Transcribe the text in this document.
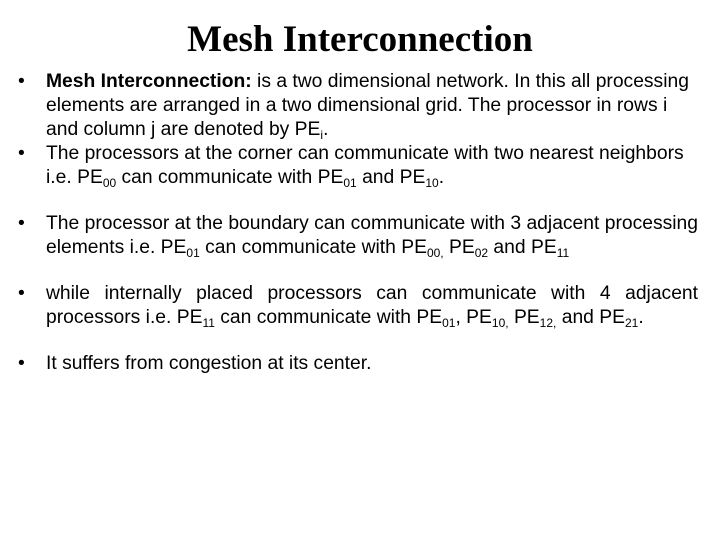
Mesh Interconnection
•	Mesh Interconnection: is a two dimensional network. In this all processing elements are arranged in a two dimensional grid. The processor in rows i and column j are denoted by $PE_i$.
•	The processors at the corner can communicate with two nearest neighbors i.e. $PE_{00}$ can communicate with $PE_{01}$ and $PE_{10}$.
•	The processor at the boundary can communicate with 3 adjacent processing elements i.e. $PE_{01}$ can communicate with $PE_{00,}$ $PE_{02}$ and $PE_{11}$
•	while internally placed processors can communicate with 4 adjacent processors i.e. $PE_{11}$ can communicate with $PE_{01}$, $PE_{10,}$ $PE_{12,}$ and $PE_{21}$.
•	It suffers from congestion at its center.
